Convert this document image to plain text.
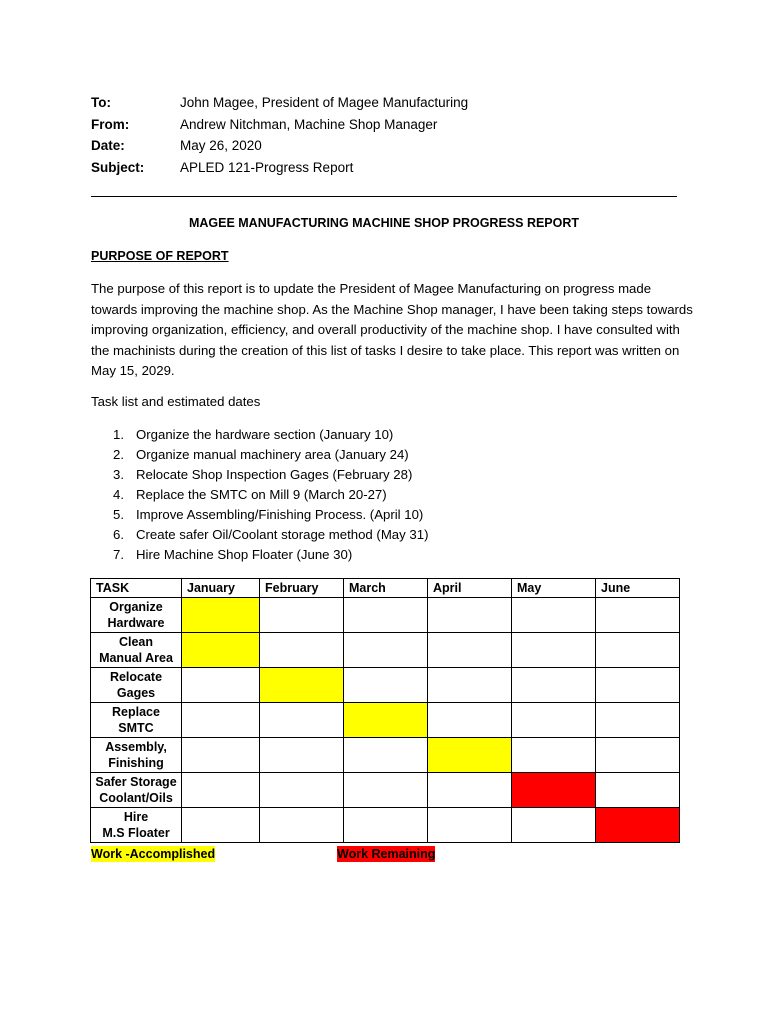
To:	John Magee, President of Magee Manufacturing
From:	Andrew Nitchman, Machine Shop Manager
Date:	May 26, 2020
Subject:	APLED 121-Progress Report
MAGEE MANUFACTURING MACHINE SHOP PROGRESS REPORT
PURPOSE OF REPORT
The purpose of this report is to update the President of Magee Manufacturing on progress made
towards improving the machine shop. As the Machine Shop manager, I have been taking steps towards
improving organization, efficiency, and overall productivity of the machine shop. I have consulted with
the machinists during the creation of this list of tasks I desire to take place. This report was written on
May 15, 2029.
Task list and estimated dates
1. Organize the hardware section (January 10)
2. Organize manual machinery area (January 24)
3. Relocate Shop Inspection Gages (February 28)
4. Replace the SMTC on Mill 9 (March 20-27)
5. Improve Assembling/Finishing Process. (April 10)
6. Create safer Oil/Coolant storage method (May 31)
7. Hire Machine Shop Floater (June 30)
TASK	January	February	March	April	May	June

Organize
Hardware						

Clean
Manual Area						

Relocate
Gages						

Replace
SMTC						

Assembly,
Finishing						

Safer Storage
Coolant/Oils						

Hire
M.S Floater						

Work -Accomplished	Work Remaining
